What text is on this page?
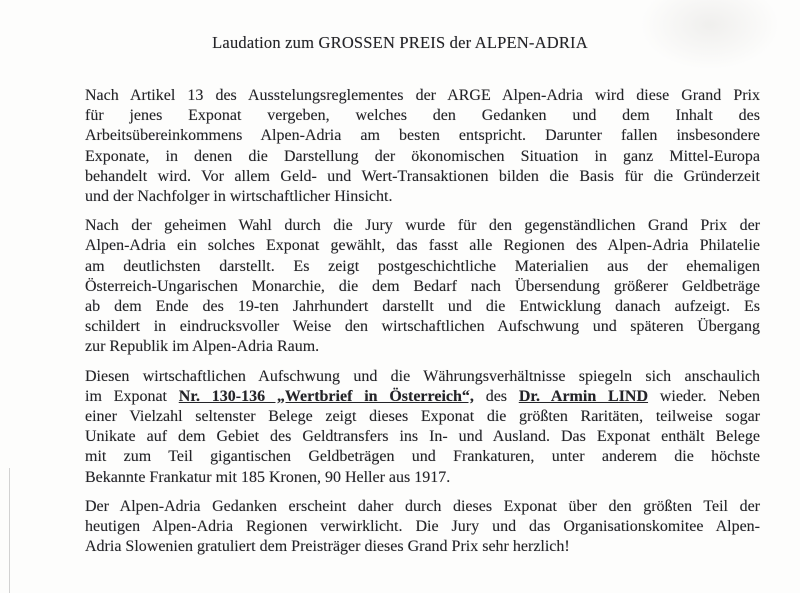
Laudation zum GROSSEN PREIS der ALPEN-ADRIA

Nach Artikel 13 des Ausstelungsreglementes der ARGE Alpen-Adria wird diese Grand Prix
für jenes Exponat vergeben, welches den Gedanken und dem Inhalt des
Arbeitsübereinkommens Alpen-Adria am besten entspricht. Darunter fallen insbesondere
Exponate, in denen die Darstellung der ökonomischen Situation in ganz Mittel-Europa
behandelt wird. Vor allem Geld- und Wert-Transaktionen bilden die Basis für die Gründerzeit
und der Nachfolger in wirtschaftlicher Hinsicht.

Nach der geheimen Wahl durch die Jury wurde für den gegenständlichen Grand Prix der
Alpen-Adria ein solches Exponat gewählt, das fasst alle Regionen des Alpen-Adria Philatelie
am deutlichsten darstellt. Es zeigt postgeschichtliche Materialien aus der ehemaligen
Österreich-Ungarischen Monarchie, die dem Bedarf nach Übersendung größerer Geldbeträge
ab dem Ende des 19-ten Jahrhundert darstellt und die Entwicklung danach aufzeigt. Es
schildert in eindrucksvoller Weise den wirtschaftlichen Aufschwung und späteren Übergang
zur Republik im Alpen-Adria Raum.

Diesen wirtschaftlichen Aufschwung und die Währungsverhältnisse spiegeln sich anschaulich
im Exponat Nr. 130-136 „Wertbrief in Österreich“, des Dr. Armin LIND wieder. Neben
einer Vielzahl seltenster Belege zeigt dieses Exponat die größten Raritäten, teilweise sogar
Unikate auf dem Gebiet des Geldtransfers ins In- und Ausland. Das Exponat enthält Belege
mit zum Teil gigantischen Geldbeträgen und Frankaturen, unter anderem die höchste
Bekannte Frankatur mit 185 Kronen, 90 Heller aus 1917.

Der Alpen-Adria Gedanken erscheint daher durch dieses Exponat über den größten Teil der
heutigen Alpen-Adria Regionen verwirklicht. Die Jury und das Organisationskomitee Alpen-
Adria Slowenien gratuliert dem Preisträger dieses Grand Prix sehr herzlich!
